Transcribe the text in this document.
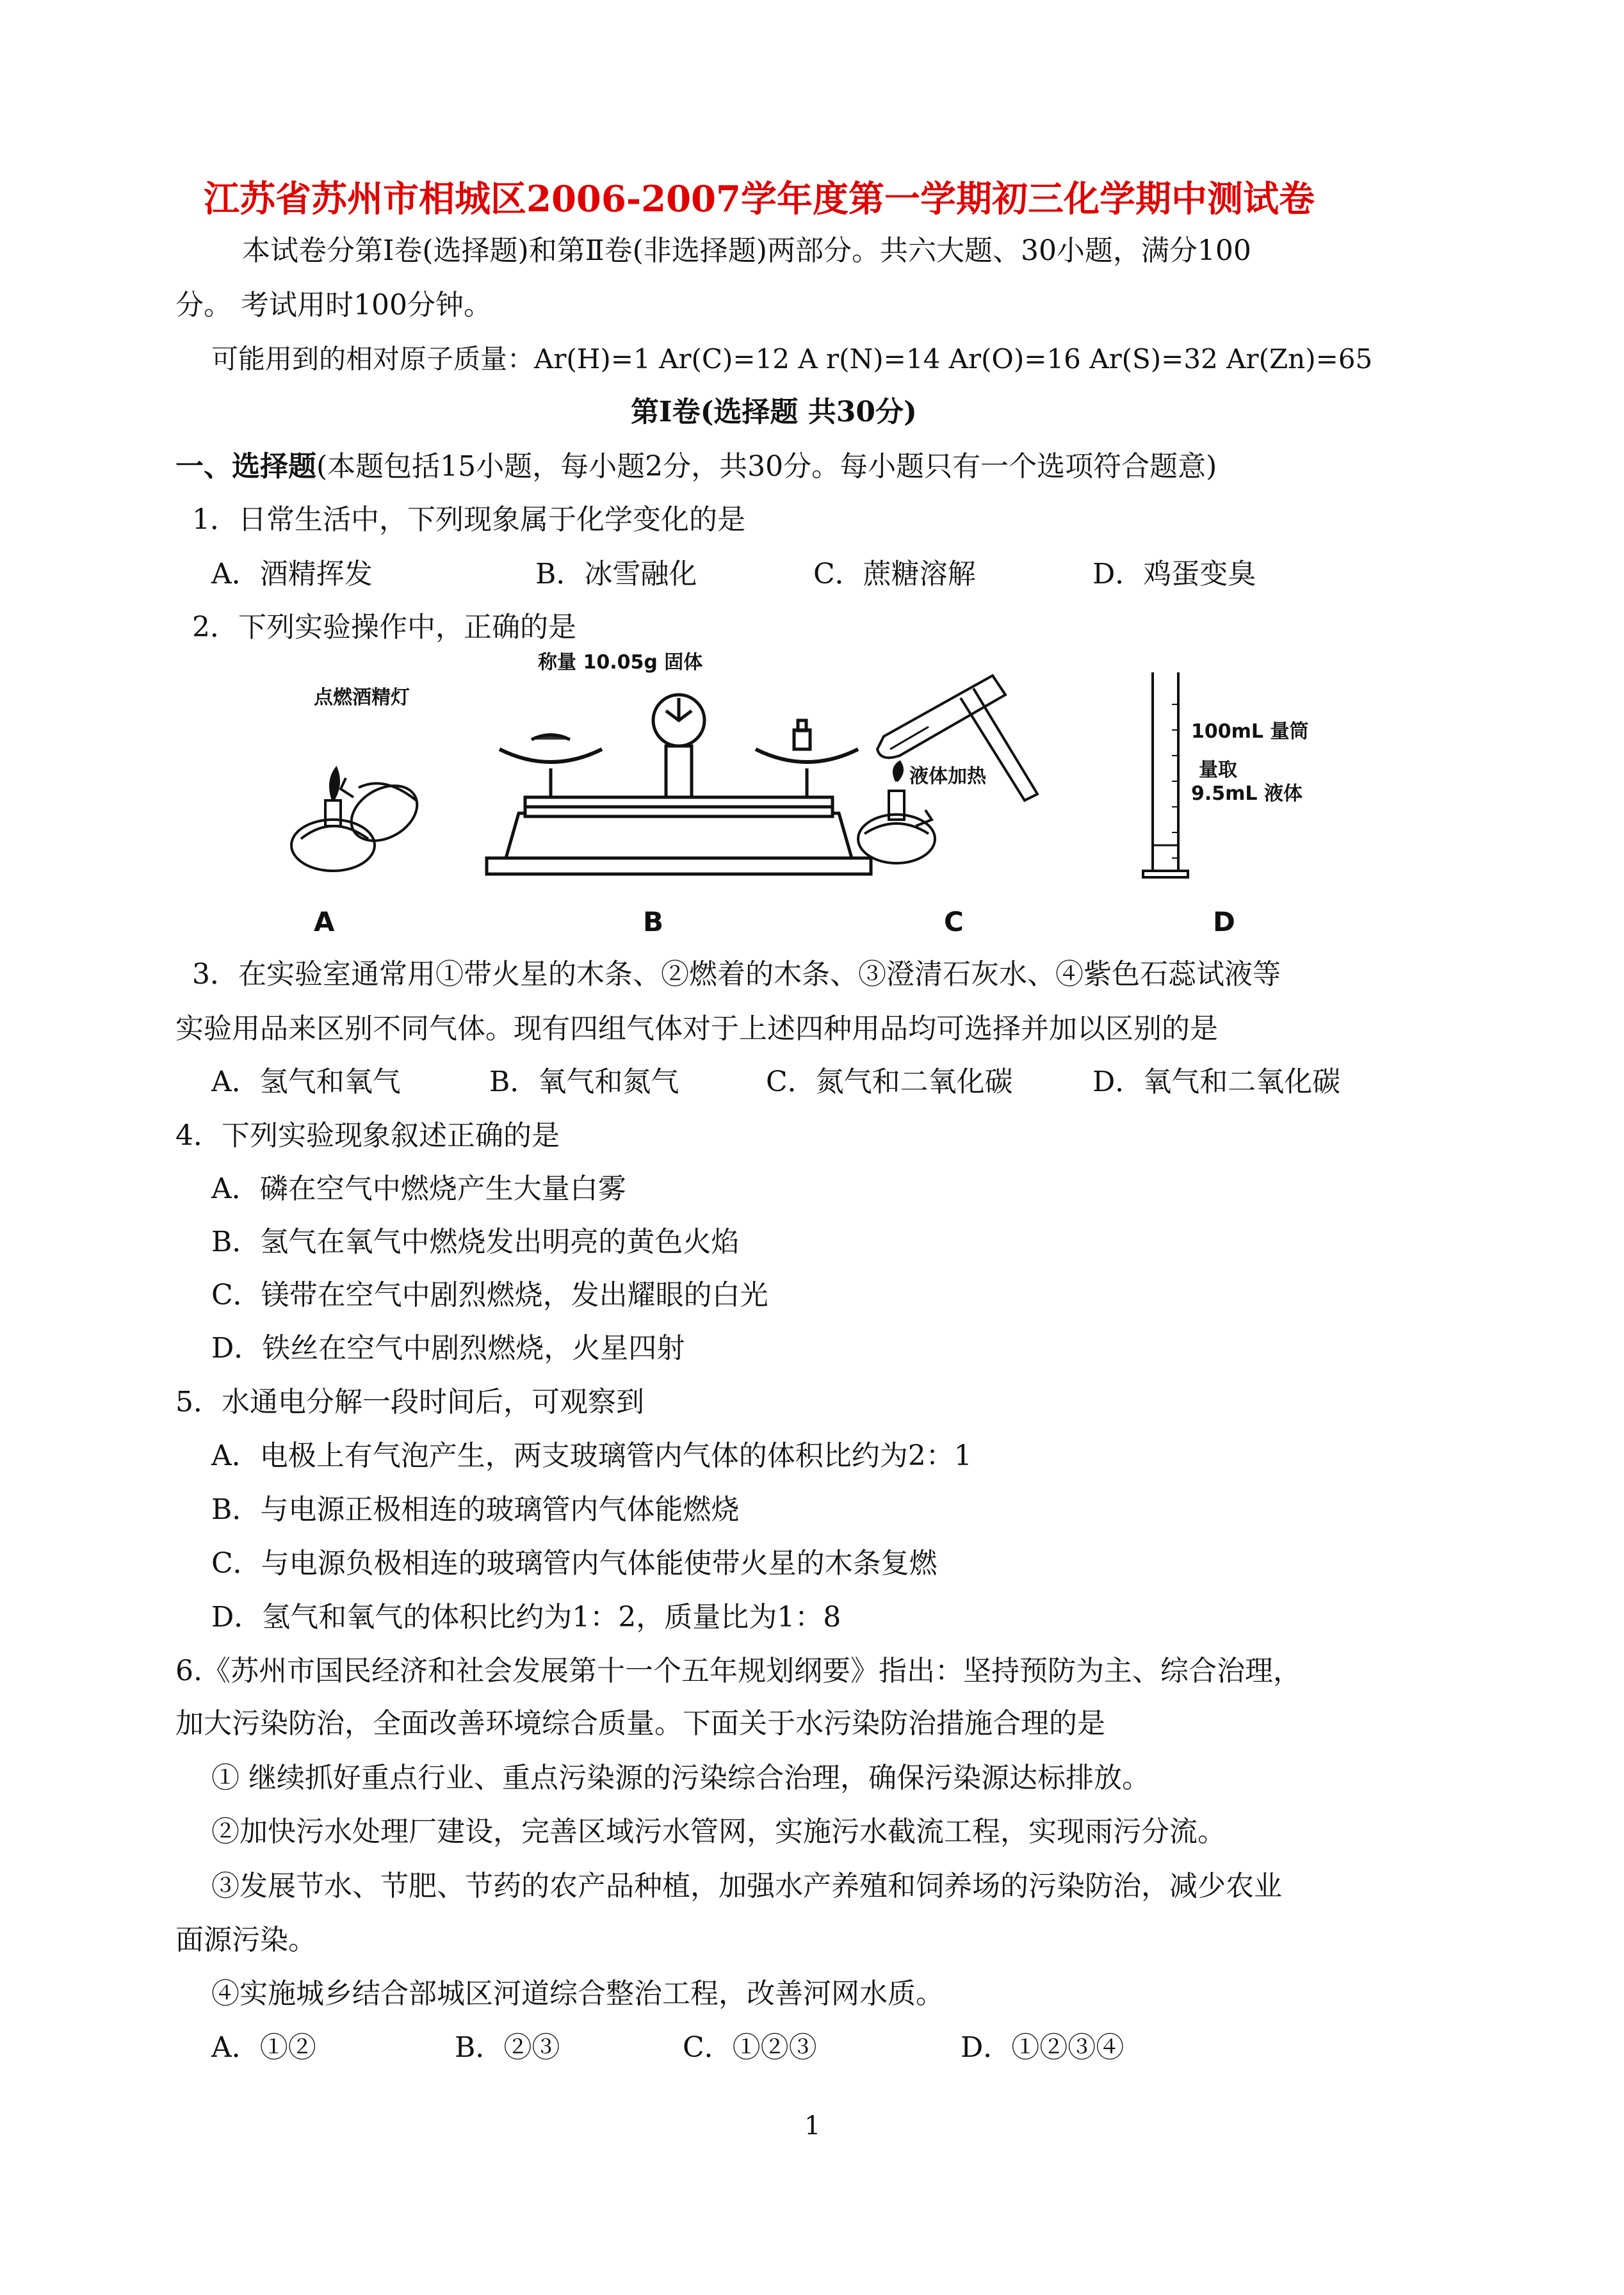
江苏省苏州市相城区2006-2007学年度第一学期初三化学期中测试卷
本试卷分第Ⅰ卷(选择题)和第Ⅱ卷(非选择题)两部分。共六大题、30小题，满分100
分。 考试用时100分钟。
可能用到的相对原子质量：Ar(H)=1 Ar(C)=12 A r(N)=14 Ar(O)=16 Ar(S)=32 Ar(Zn)=65
第Ⅰ卷(选择题 共30分)
一、选择题(本题包括15小题，每小题2分，共30分。每小题只有一个选项符合题意)
1．日常生活中，下列现象属于化学变化的是
A．酒精挥发	B．冰雪融化	C．蔗糖溶解	D．鸡蛋变臭
2．下列实验操作中，正确的是
点燃酒精灯
称量 10.05g 固体
液体加热
100mL 量筒
量取
9.5mL 液体
A	B	C	D
3．在实验室通常用①带火星的木条、②燃着的木条、③澄清石灰水、④紫色石蕊试液等
实验用品来区别不同气体。现有四组气体对于上述四种用品均可选择并加以区别的是
A．氢气和氧气	B．氧气和氮气	C．氮气和二氧化碳	D．氧气和二氧化碳
4．下列实验现象叙述正确的是
A．磷在空气中燃烧产生大量白雾
B．氢气在氧气中燃烧发出明亮的黄色火焰
C．镁带在空气中剧烈燃烧，发出耀眼的白光
D．铁丝在空气中剧烈燃烧，火星四射
5．水通电分解一段时间后，可观察到
A．电极上有气泡产生，两支玻璃管内气体的体积比约为2：1
B．与电源正极相连的玻璃管内气体能燃烧
C．与电源负极相连的玻璃管内气体能使带火星的木条复燃
D．氢气和氧气的体积比约为1：2，质量比为1：8
6.《苏州市国民经济和社会发展第十一个五年规划纲要》指出：坚持预防为主、综合治理，
加大污染防治，全面改善环境综合质量。下面关于水污染防治措施合理的是
① 继续抓好重点行业、重点污染源的污染综合治理，确保污染源达标排放。
②加快污水处理厂建设，完善区域污水管网，实施污水截流工程，实现雨污分流。
③发展节水、节肥、节药的农产品种植，加强水产养殖和饲养场的污染防治，减少农业
面源污染。
④实施城乡结合部城区河道综合整治工程，改善河网水质。
A．①②	B．②③	C．①②③	D．①②③④
1
